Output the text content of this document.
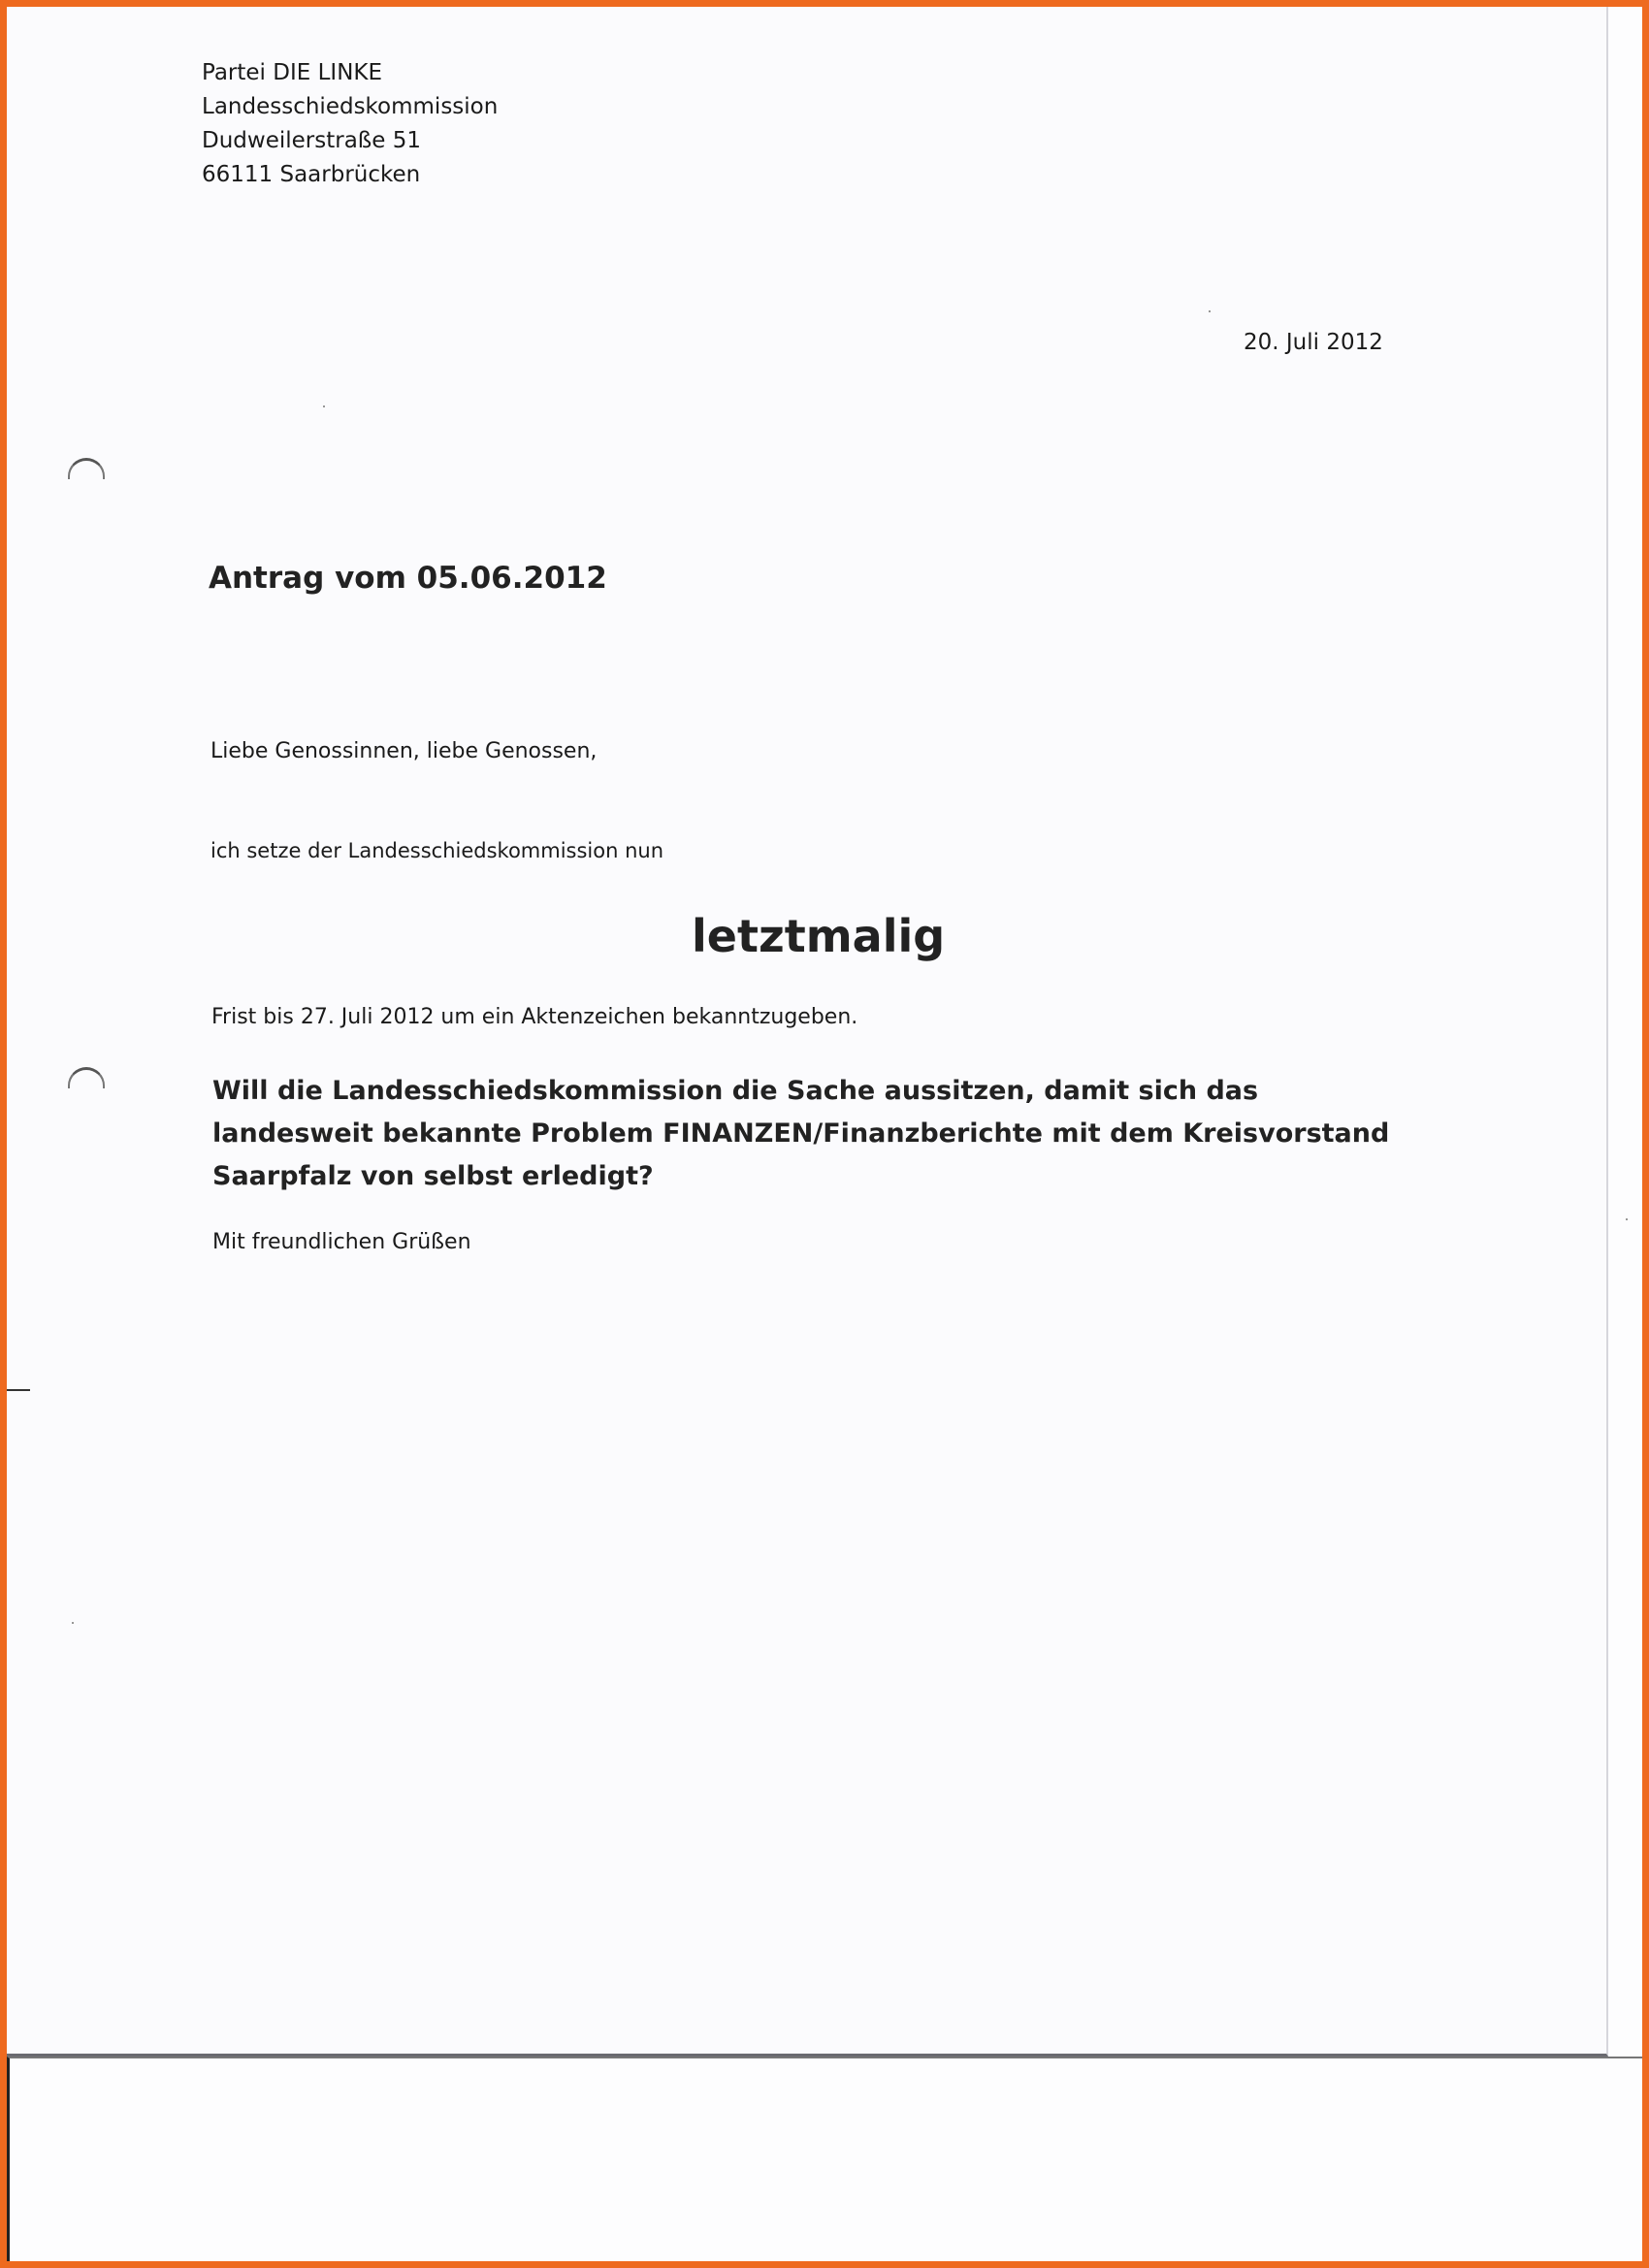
Partei DIE LINKE
Landesschiedskommission
Dudweilerstraße 51
66111 Saarbrücken
20. Juli 2012
Antrag vom 05.06.2012
Liebe Genossinnen, liebe Genossen,
ich setze der Landesschiedskommission nun
letztmalig
Frist bis 27. Juli 2012 um ein Aktenzeichen bekanntzugeben.
Will die Landesschiedskommission die Sache aussitzen, damit sich das landesweit bekannte Problem FINANZEN/Finanzberichte mit dem Kreisvorstand Saarpfalz von selbst erledigt?
Mit freundlichen Grüßen
